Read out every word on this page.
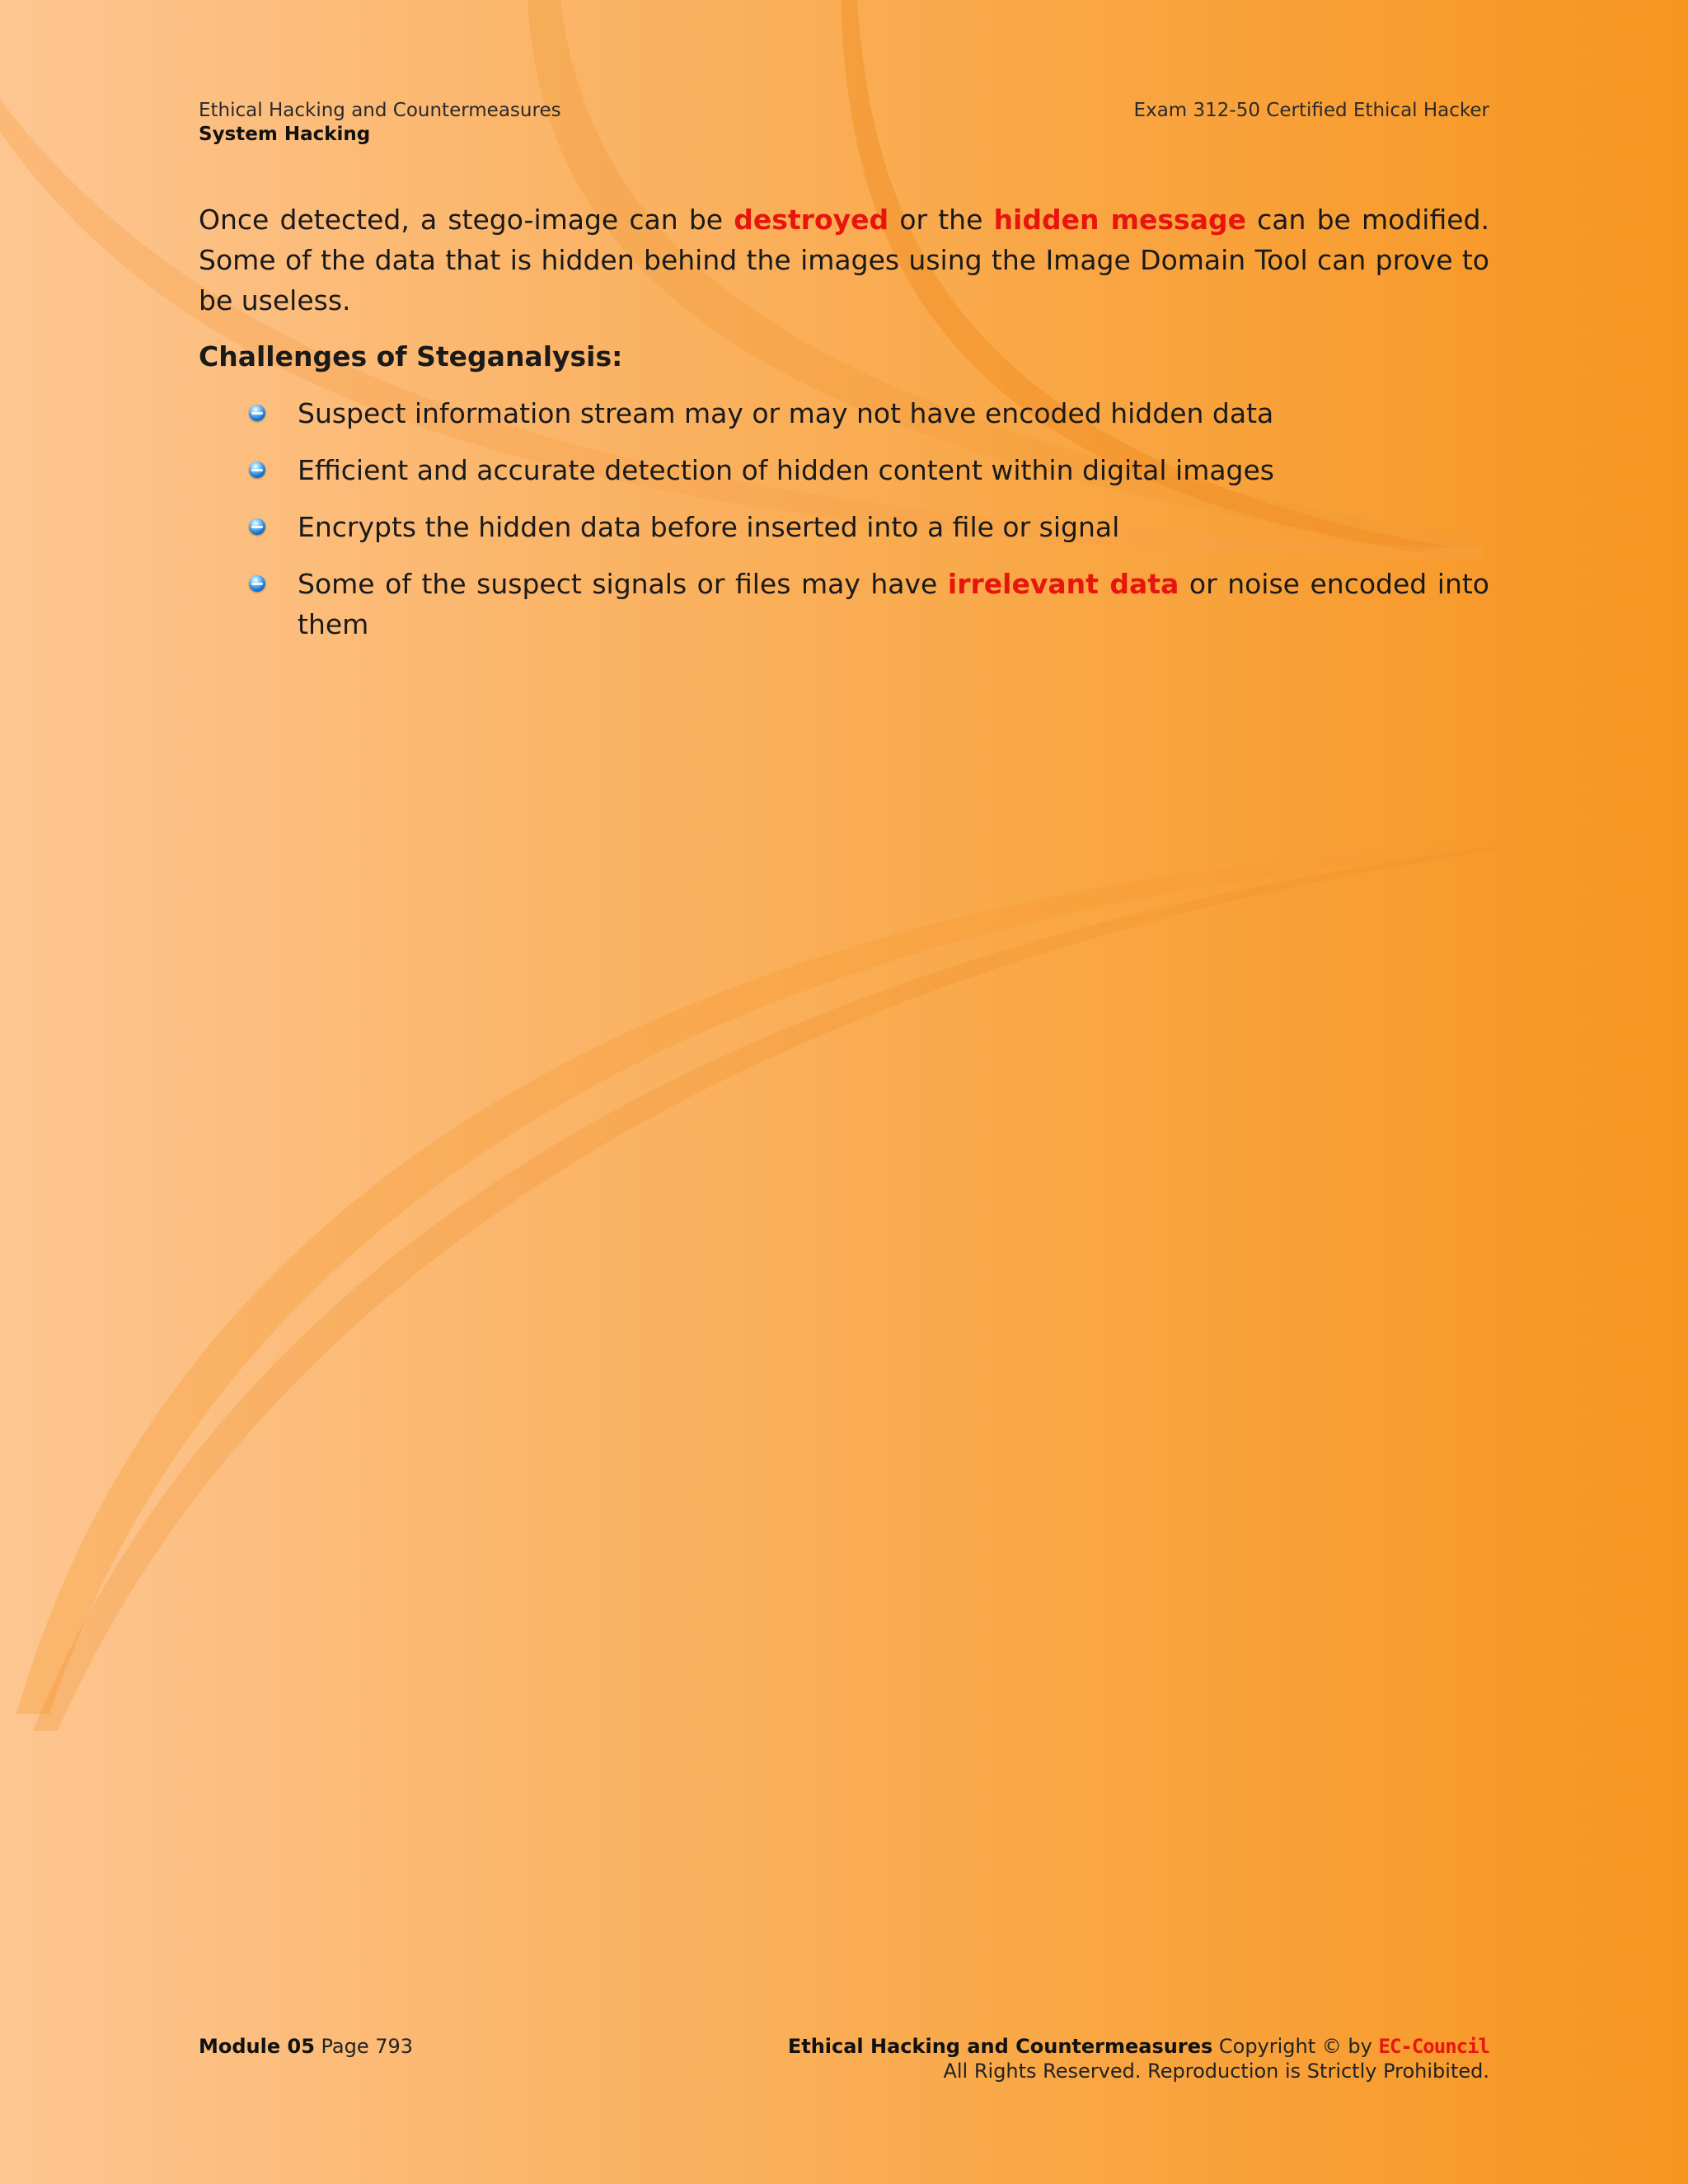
Ethical Hacking and Countermeasures
System Hacking
Exam 312-50 Certified Ethical Hacker
Once detected, a stego-image can be destroyed or the hidden message can be modified. Some of the data that is hidden behind the images using the Image Domain Tool can prove to be useless.
Challenges of Steganalysis:
Suspect information stream may or may not have encoded hidden data
Efficient and accurate detection of hidden content within digital images
Encrypts the hidden data before inserted into a file or signal
Some of the suspect signals or files may have irrelevant data or noise encoded into them
Module 05 Page 793	Ethical Hacking and Countermeasures Copyright © by EC-Council
All Rights Reserved. Reproduction is Strictly Prohibited.
